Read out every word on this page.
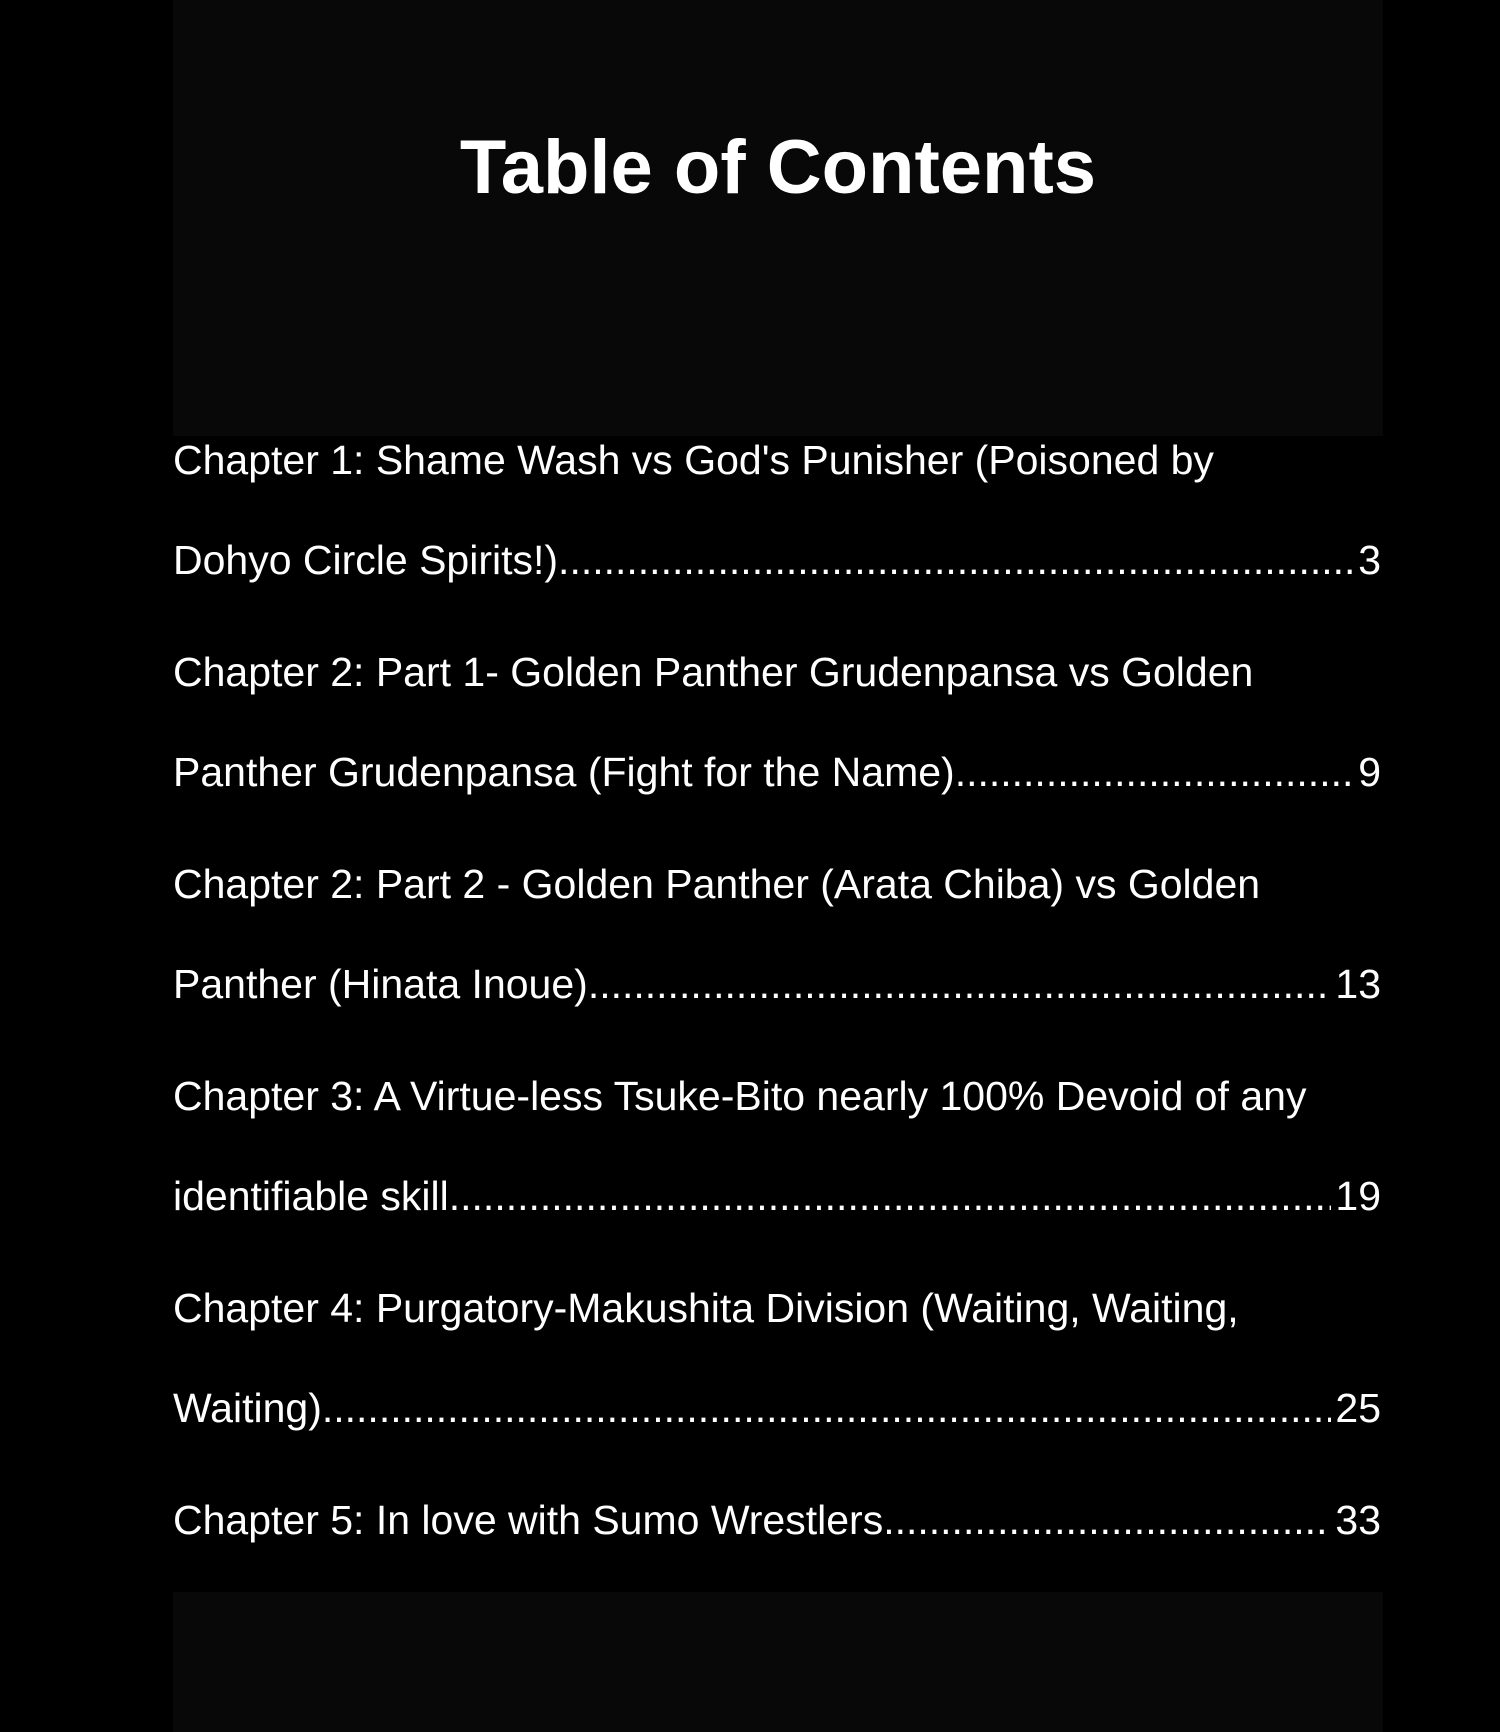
Table of Contents
Chapter 1: Shame Wash vs God's Punisher (Poisoned by
Dohyo Circle Spirits!) .....	3
Chapter 2: Part 1- Golden Panther Grudenpansa vs Golden
Panther Grudenpansa (Fight for the Name) .....	9
Chapter 2: Part 2 - Golden Panther (Arata Chiba) vs Golden
Panther (Hinata Inoue) .....	13
Chapter 3: A Virtue-less Tsuke-Bito nearly 100% Devoid of any
identifiable skill .....	19
Chapter 4: Purgatory-Makushita Division (Waiting, Waiting,
Waiting) .....	25
Chapter 5: In love with Sumo Wrestlers .....	33
